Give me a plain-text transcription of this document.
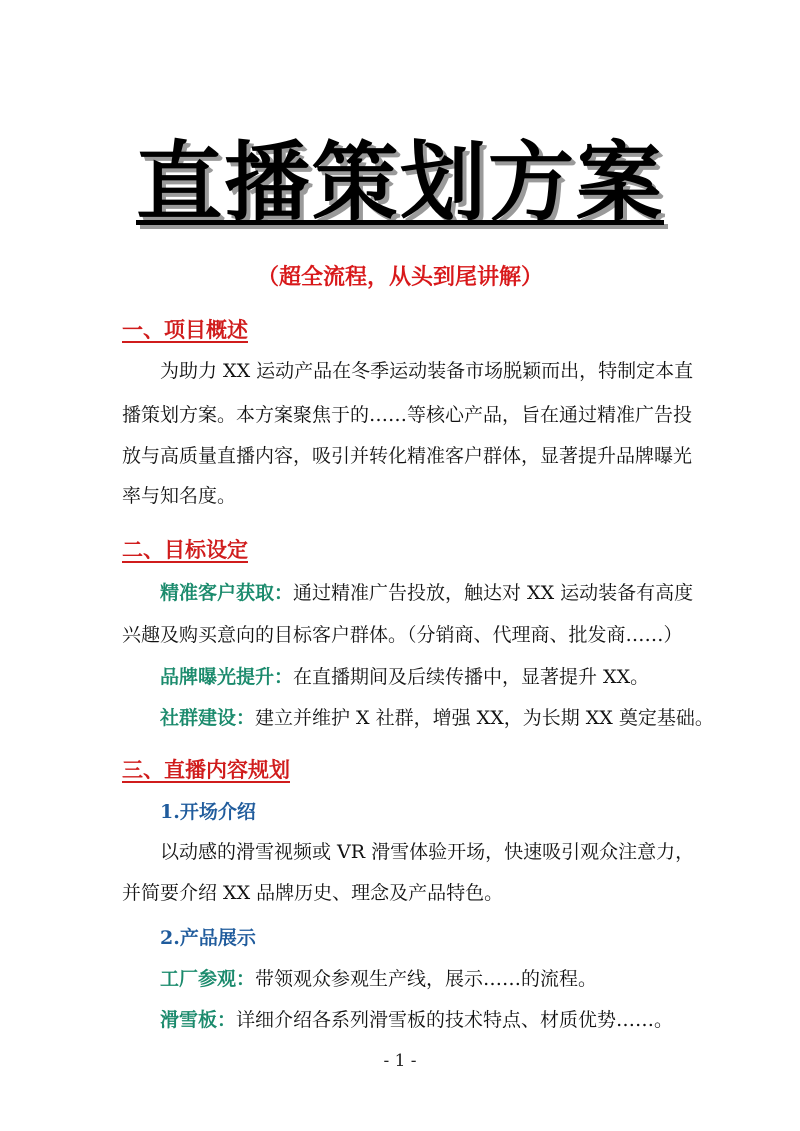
直播策划方案
（超全流程，从头到尾讲解）
一、项目概述
为助力 XX 运动产品在冬季运动装备市场脱颖而出，特制定本直
播策划方案。本方案聚焦于的……等核心产品，旨在通过精准广告投
放与高质量直播内容，吸引并转化精准客户群体，显著提升品牌曝光
率与知名度。
二、目标设定
精准客户获取：通过精准广告投放，触达对 XX 运动装备有高度
兴趣及购买意向的目标客户群体。（分销商、代理商、批发商……）
品牌曝光提升：在直播期间及后续传播中，显著提升 XX。
社群建设：建立并维护 X 社群，增强 XX，为长期 XX 奠定基础。
三、直播内容规划
1.开场介绍
以动感的滑雪视频或 VR 滑雪体验开场，快速吸引观众注意力，
并简要介绍 XX 品牌历史、理念及产品特色。
2.产品展示
工厂参观：带领观众参观生产线，展示……的流程。
滑雪板：详细介绍各系列滑雪板的技术特点、材质优势……。
- 1 -
